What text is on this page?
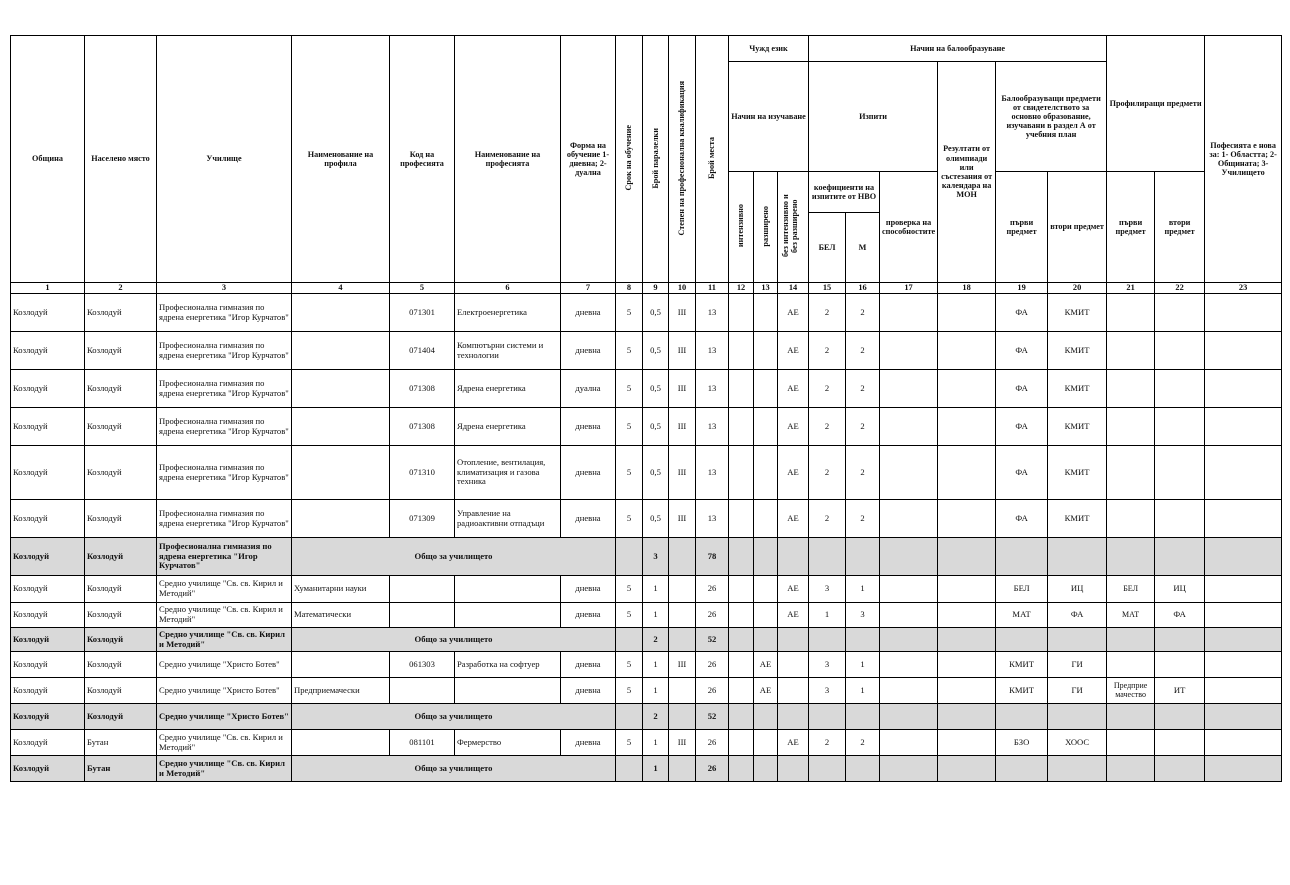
Община	Населено място	Училище	Наименование на профила	Код на професията	Наименование на професията	Форма на обучение 1-дневна; 2-дуална	Срок на обучение	Брой паралелки	Степен на професионална квалификация	Брой места	Чужд език			Начин на балообразуване						Профилиращи предмети		Пофесията е нова за: 1- Областта; 2-Общината; 3-Училището
											Начин на изучаване			Изпити			Резултати от олимпиади или състезания от календара на МОН	Балообразуващи предмети от свидетелството за основно образование, изучавани в раздел А от учебния план				
											интензивно	разширено	без интензивно и без разширено	коефициенти на изпитите от НВО		проверка на способностите		първи предмет	втори предмет	първи предмет	втори предмет	
														БЕЛ	М							
1	2	3	4	5	6	7	8	9	10	11	12	13	14	15	16	17	18	19	20	21	22	23
Козлодуй	Козлодуй	Професионална гимназия по ядрена енергетика "Игор Курчатов"		071301	Електроенергетика	дневна	5	0,5	III	13			АЕ	2	2			ФА	КМИТ			
Козлодуй	Козлодуй	Професионална гимназия по ядрена енергетика "Игор Курчатов"		071404	Компютърни системи и технологии	дневна	5	0,5	III	13			АЕ	2	2			ФА	КМИТ			
Козлодуй	Козлодуй	Професионална гимназия по ядрена енергетика "Игор Курчатов"		071308	Ядрена енергетика	дуална	5	0,5	III	13			АЕ	2	2			ФА	КМИТ			
Козлодуй	Козлодуй	Професионална гимназия по ядрена енергетика "Игор Курчатов"		071308	Ядрена енергетика	дневна	5	0,5	III	13			АЕ	2	2			ФА	КМИТ			
Козлодуй	Козлодуй	Професионална гимназия по ядрена енергетика "Игор Курчатов"		071310	Отопление, вентилация, климатизация и газова техника	дневна	5	0,5	III	13			АЕ	2	2			ФА	КМИТ			
Козлодуй	Козлодуй	Професионална гимназия по ядрена енергетика "Игор Курчатов"		071309	Управление на радиоактивни отпадъци	дневна	5	0,5	III	13			АЕ	2	2			ФА	КМИТ			
Козлодуй	Козлодуй	Професионална гимназия по ядрена енергетика "Игор Курчатов"	Общо за училището					3		78												
Козлодуй	Козлодуй	Средно училище "Св. св. Кирил и Методий"	Хуманитарни науки			дневна	5	1		26			АЕ	3	1			БЕЛ	ИЦ	БЕЛ	ИЦ	
Козлодуй	Козлодуй	Средно училище "Св. св. Кирил и Методий"	Математически			дневна	5	1		26			АЕ	1	3			МАТ	ФА	МАТ	ФА	
Козлодуй	Козлодуй	Средно училище "Св. св. Кирил и Методий"	Общо за училището					2		52												
Козлодуй	Козлодуй	Средно училище "Христо Ботев"		061303	Разработка на софтуер	дневна	5	1	III	26		АЕ		3	1			КМИТ	ГИ			
Козлодуй	Козлодуй	Средно училище "Христо Ботев"	Предприемачески			дневна	5	1		26		АЕ		3	1			КМИТ	ГИ	Предприе мачество	ИТ	
Козлодуй	Козлодуй	Средно училище "Христо Ботев"	Общо за училището					2		52												
Козлодуй	Бутан	Средно училище "Св. св. Кирил и Методий"		081101	Фермерство	дневна	5	1	III	26			АЕ	2	2			БЗО	ХООС			
Козлодуй	Бутан	Средно училище "Св. св. Кирил и Методий"	Общо за училището					1		26												
